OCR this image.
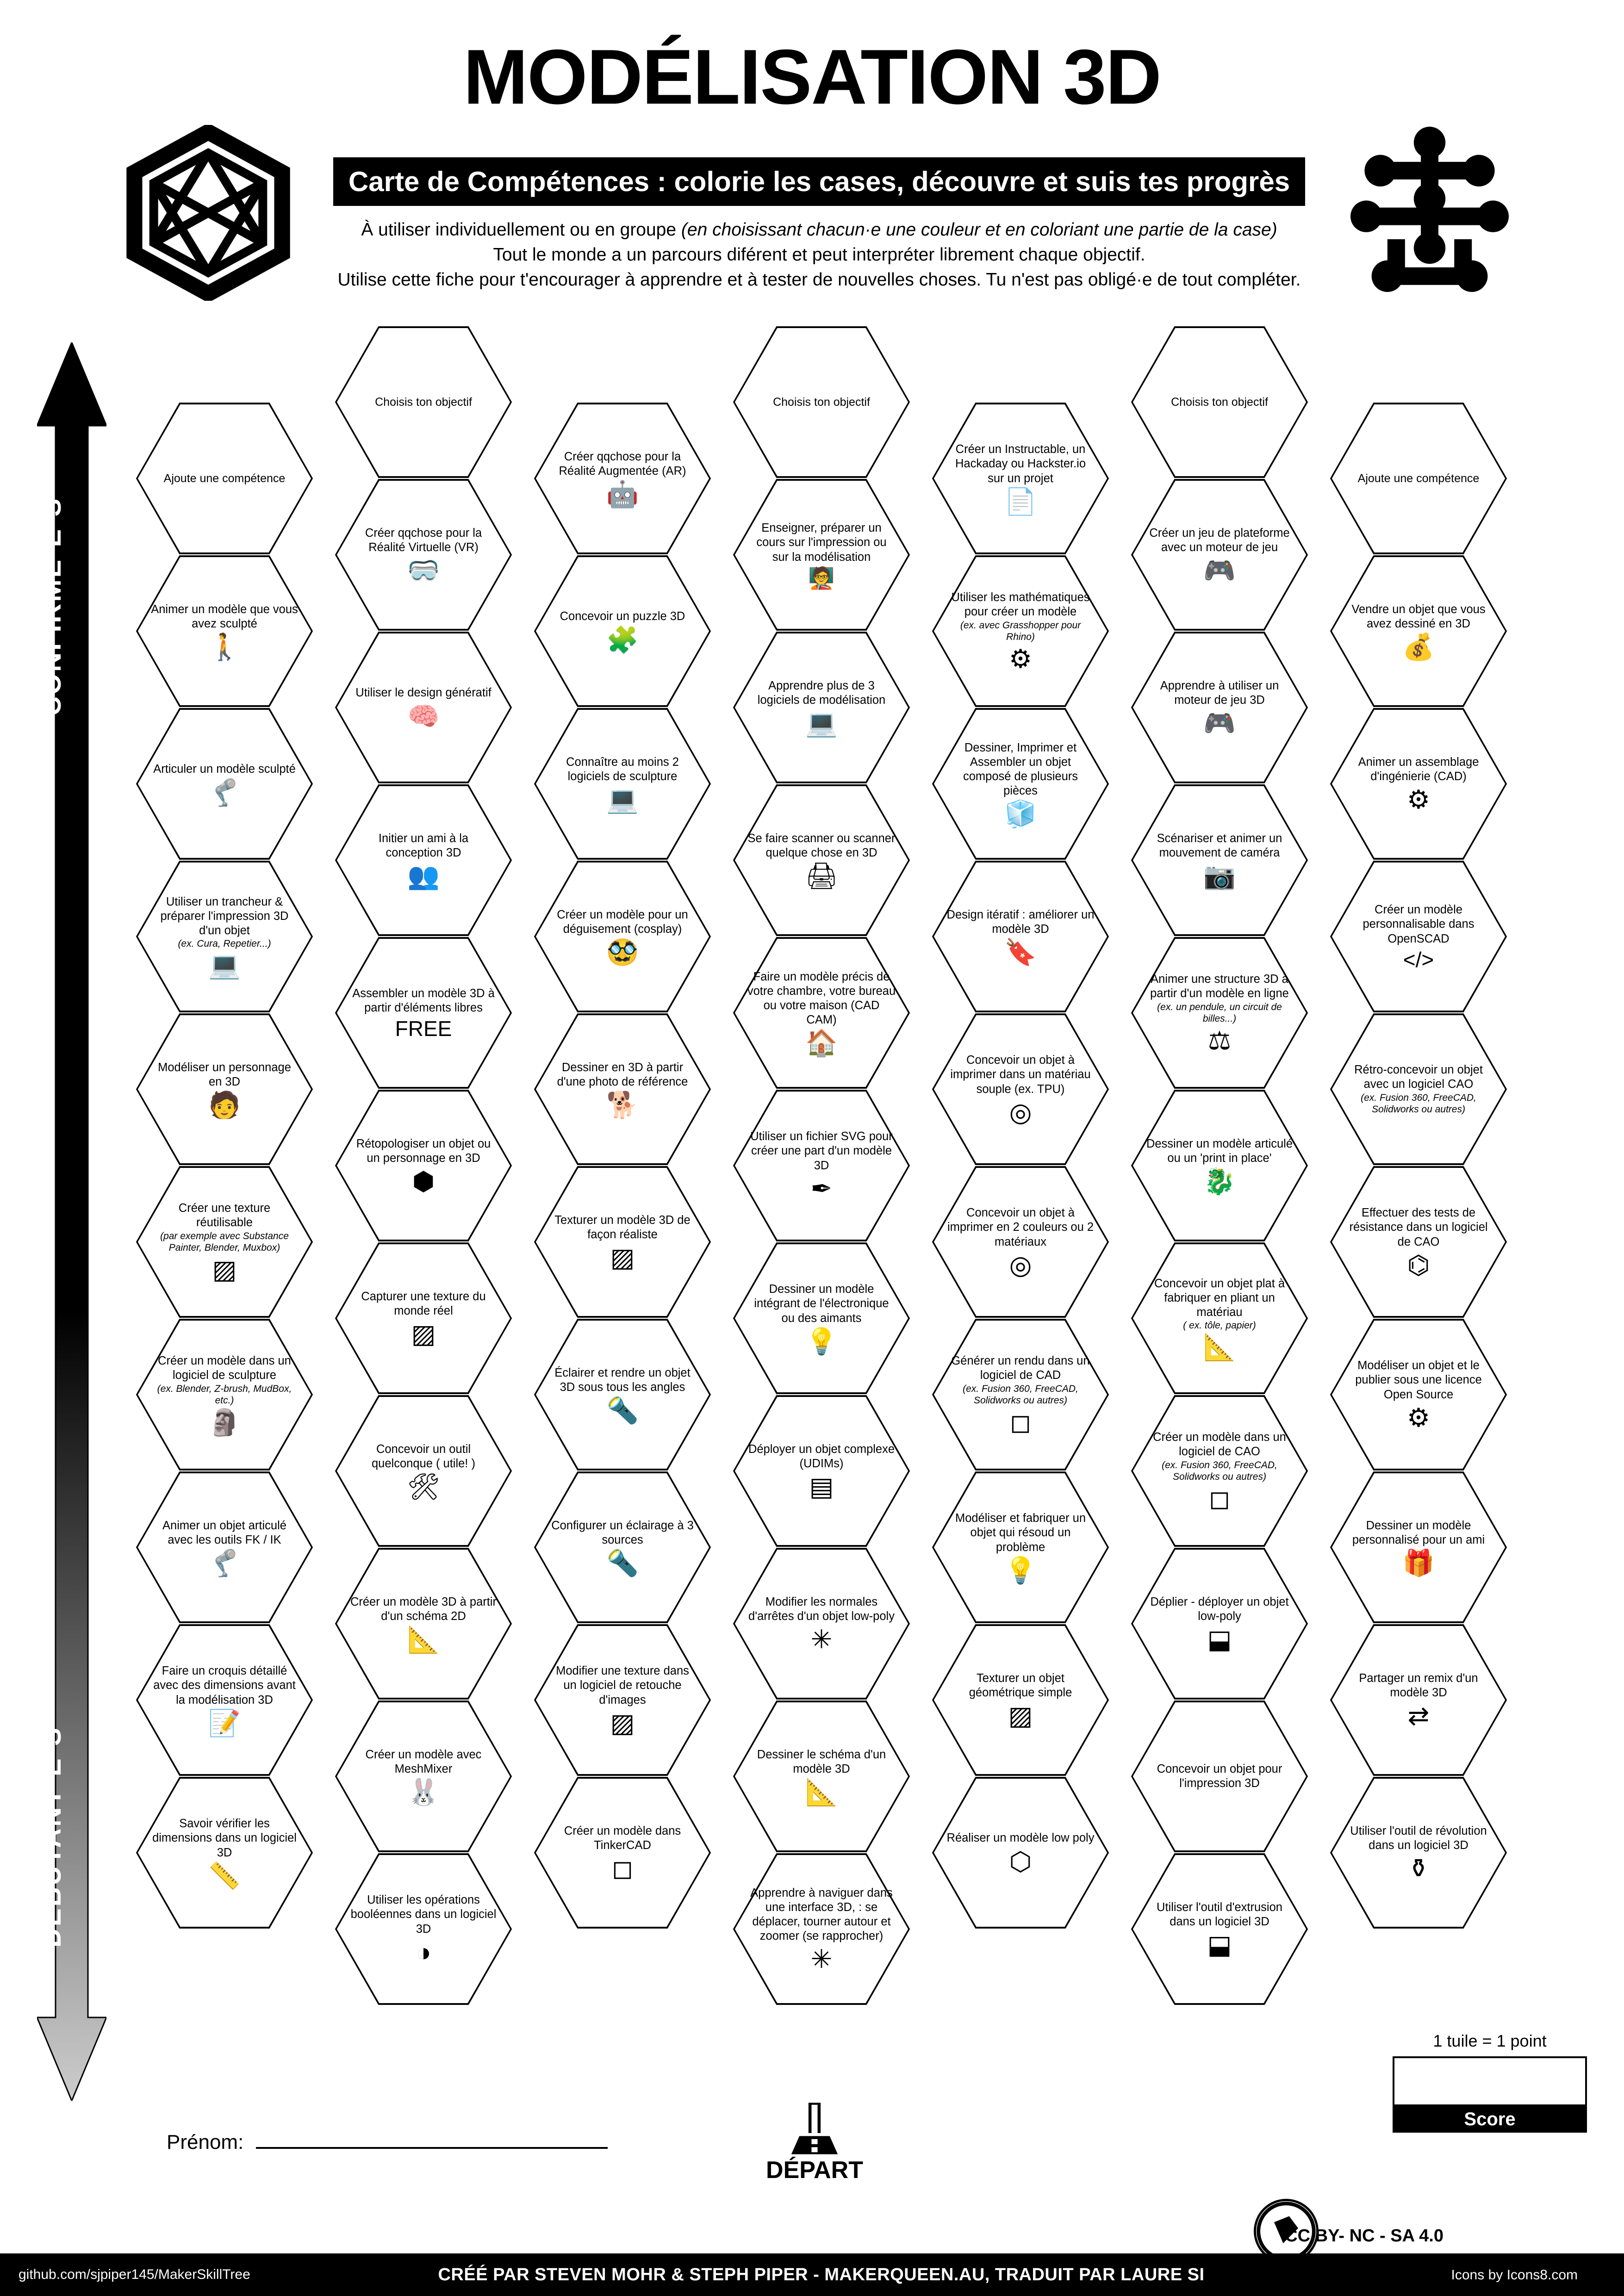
MODÉLISATION 3D
Carte de Compétences : colorie les cases, découvre et suis tes progrès
À utiliser individuellement ou en groupe (en choisissant chacun·e une couleur et en coloriant une partie de la case)
Tout le monde a un parcours diférent et peut interpréter librement chaque objectif.
Utilise cette fiche pour t'encourager à apprendre et à tester de nouvelles choses. Tu n'est pas obligé·e de tout compléter.
CONFIRMÉ·E·S
DÉBUTANT·E·S
Choisis ton objectif	Choisis ton objectif	Choisis ton objectif
Ajoute une compétence	Ajoute une compétence
Créer qqchose pour la Réalité Augmentée (AR)
🤖
Créer un Instructable, un Hackaday ou Hackster.io sur un projet
📄
Créer qqchose pour la Réalité Virtuelle (VR)
🥽
Enseigner, préparer un cours sur l'impression ou sur la modélisation
🧑‍🏫
Créer un jeu de plateforme avec un moteur de jeu
🎮
Animer un modèle que vous avez sculpté
🚶
Concevoir un puzzle 3D
🧩
Utiliser les mathématiques pour créer un modèle
(ex. avec Grasshopper pour Rhino)
⚙
Vendre un objet que vous avez dessiné en 3D
💰
Utiliser le design génératif
🧠
Apprendre plus de 3 logiciels de modélisation
💻
Apprendre à utiliser un moteur de jeu 3D
🎮
Articuler un modèle sculpté
🦿
Connaître au moins 2 logiciels de sculpture
💻
Dessiner, Imprimer et Assembler un objet composé de plusieurs pièces
🧊
Animer un assemblage d'ingénierie (CAD)
⚙
Initier un ami à la conception 3D
👥
Se faire scanner ou scanner quelque chose en 3D
🖨
Scénariser et animer un mouvement de caméra
📷
Utiliser un trancheur & préparer l'impression 3D d'un objet
(ex. Cura, Repetier...)
💻
Créer un modèle pour un déguisement (cosplay)
🥸
Design itératif : améliorer un modèle 3D
🔖
Créer un modèle personnalisable dans OpenSCAD
</>
Assembler un modèle 3D à partir d'éléments libres
FREE
Faire un modèle précis de votre chambre, votre bureau ou votre maison (CAD CAM)
🏠
Animer une structure 3D à partir d'un modèle en ligne
(ex. un pendule, un circuit de billes...)
⚖
Modéliser un personnage en 3D
🧑
Dessiner en 3D à partir d'une photo de référence
🐕
Concevoir un objet à imprimer dans un matériau souple (ex. TPU)
◎
Rétro-concevoir un objet avec un logiciel CAO
(ex. Fusion 360, FreeCAD, Solidworks ou autres)
Rétopologiser un objet ou un personnage en 3D
⬢
Utiliser un fichier SVG pour créer une part d'un modèle 3D
✒
Dessiner un modèle articulé ou un 'print in place'
🐉
Créer une texture réutilisable
(par exemple avec Substance Painter, Blender, Muxbox)
▨
Texturer un modèle 3D de façon réaliste
▨
Concevoir un objet à imprimer en 2 couleurs ou 2 matériaux
◎
Effectuer des tests de résistance dans un logiciel de CAO
⌬
Capturer une texture du monde réel
▨
Dessiner un modèle intégrant de l'électronique ou des aimants
💡
Concevoir un objet plat à fabriquer en pliant un matériau
( ex. tôle, papier)
📐
Créer un modèle dans un logiciel de sculpture
(ex. Blender, Z-brush, MudBox, etc.)
🗿
Éclairer et rendre un objet 3D sous tous les angles
🔦
Générer un rendu dans un logiciel de CAD
(ex. Fusion 360, FreeCAD, Solidworks ou autres)
◻
Modéliser un objet et le publier sous une licence Open Source
⚙
Concevoir un outil quelconque ( utile! )
🛠
Déployer un objet complexe (UDIMs)
▤
Créer un modèle dans un logiciel de CAO
(ex. Fusion 360, FreeCAD, Solidworks ou autres)
◻
Animer un objet articulé avec les outils FK / IK
🦿
Configurer un éclairage à 3 sources
🔦
Modéliser et fabriquer un objet qui résoud un problème
💡
Dessiner un modèle personnalisé pour un ami
🎁
Créer un modèle 3D à partir d'un schéma 2D
📐
Modifier les normales d'arrêtes d'un objet low-poly
✳
Déplier - déployer un objet low-poly
⬓
Faire un croquis détaillé avec des dimensions avant la modélisation 3D
📝
Modifier une texture dans un logiciel de retouche d'images
▨
Texturer un objet géométrique simple
▨
Partager un remix d'un modèle 3D
⇄
Créer un modèle avec MeshMixer
🐰
Dessiner le schéma d'un modèle 3D
📐
Concevoir un objet pour l'impression 3D
Savoir vérifier les dimensions dans un logiciel 3D
📏
Créer un modèle dans TinkerCAD
◻
Réaliser un modèle low poly
⬡
Utiliser l'outil de révolution dans un logiciel 3D
⚱
Utiliser les opérations booléennes dans un logiciel 3D
◑
Apprendre à naviguer dans une interface 3D, : se déplacer, tourner autour et zoomer (se rapprocher)
✳
Utiliser l'outil d'extrusion dans un logiciel 3D
⬓
DÉPART
Prénom:
1 tuile = 1 point
Score
CC BY- NC - SA 4.0
github.com/sjpiper145/MakerSkillTree	CRÉÉ PAR STEVEN MOHR & STEPH PIPER - MAKERQUEEN.AU, TRADUIT PAR LAURE SI	Icons by Icons8.com
